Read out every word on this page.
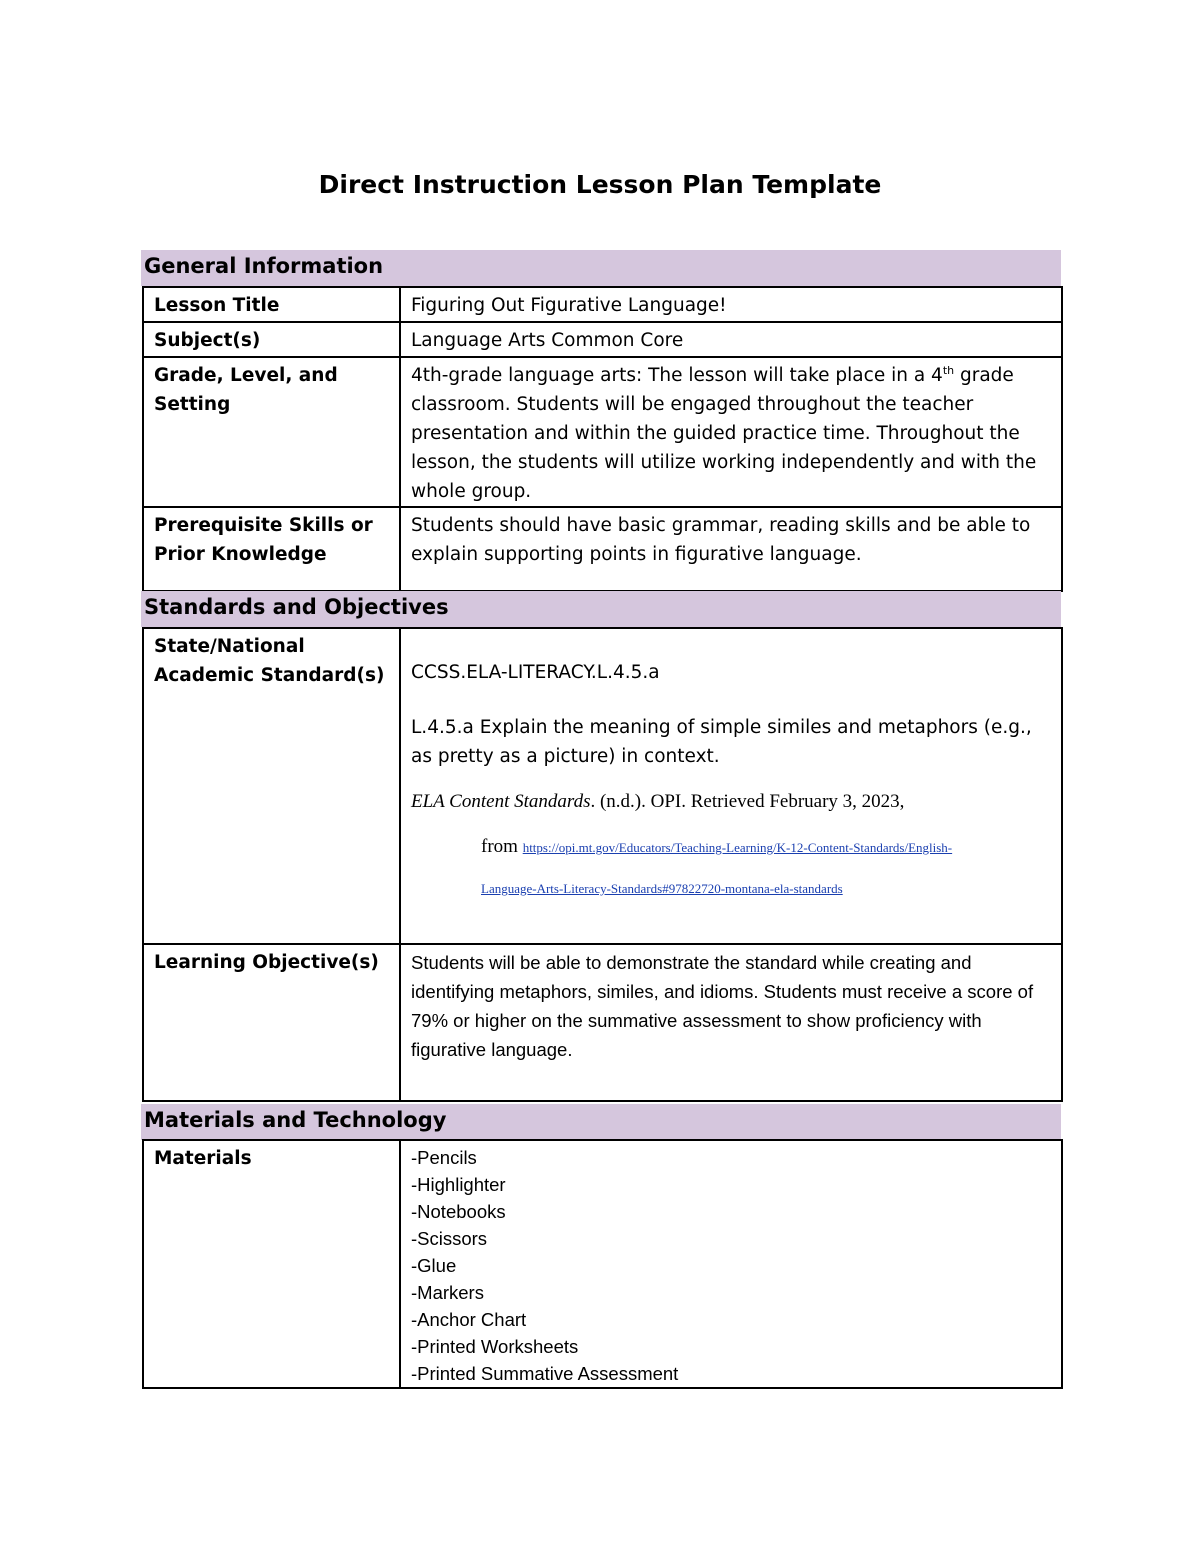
Direct Instruction Lesson Plan Template
General Information
Lesson Title	Figuring Out Figurative Language!
Subject(s)	Language Arts Common Core
Grade, Level, and Setting	4th-grade language arts: The lesson will take place in a 4th grade classroom. Students will be engaged throughout the teacher presentation and within the guided practice time. Throughout the lesson, the students will utilize working independently and with the whole group.
Prerequisite Skills or Prior Knowledge	Students should have basic grammar, reading skills and be able to explain supporting points in figurative language.
Standards and Objectives
State/National Academic Standard(s)	CCSS.ELA-LITERACY.L.4.5.a
L.4.5.a Explain the meaning of simple similes and metaphors (e.g., as pretty as a picture) in context.
ELA Content Standards. (n.d.). OPI. Retrieved February 3, 2023,
from https://opi.mt.gov/Educators/Teaching-Learning/K-12-Content-Standards/English-
Language-Arts-Literacy-Standards#97822720-montana-ela-standards

Learning Objective(s)	Students will be able to demonstrate the standard while creating and identifying metaphors, similes, and idioms. Students must receive a score of 79% or higher on the summative assessment to show proficiency with figurative language.
Materials and Technology
Materials	-Pencils
-Highlighter
-Notebooks
-Scissors
-Glue
-Markers
-Anchor Chart
-Printed Worksheets
-Printed Summative Assessment
